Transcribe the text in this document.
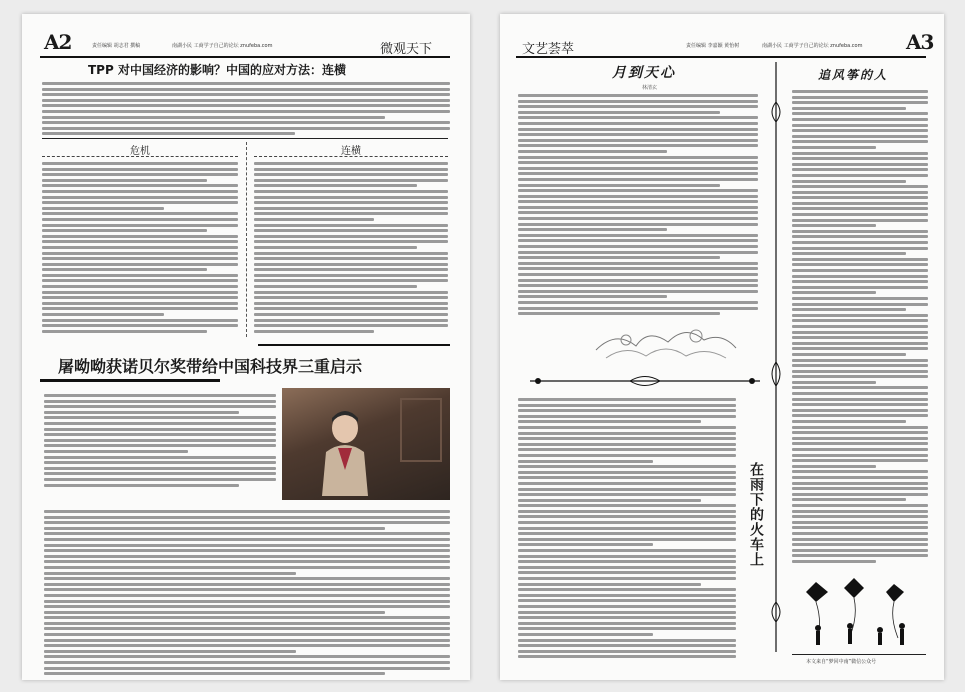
A2	责任编辑 胡志君 撰稿	南湖小民 工商学子自己的论坛 znufeba.com	微观天下
TPP 对中国经济的影响？中国的应对方法：连横
危机	连横
屠呦呦获诺贝尔奖带给中国科技界三重启示
文艺荟萃	责任编辑 李嘉颖 黄怡树	南湖小民 工商学子自己的论坛 znufeba.com A3
月到天心
林清玄
在雨下的火车上
追风筝的人
本文来自“梦回中南”微信公众号
